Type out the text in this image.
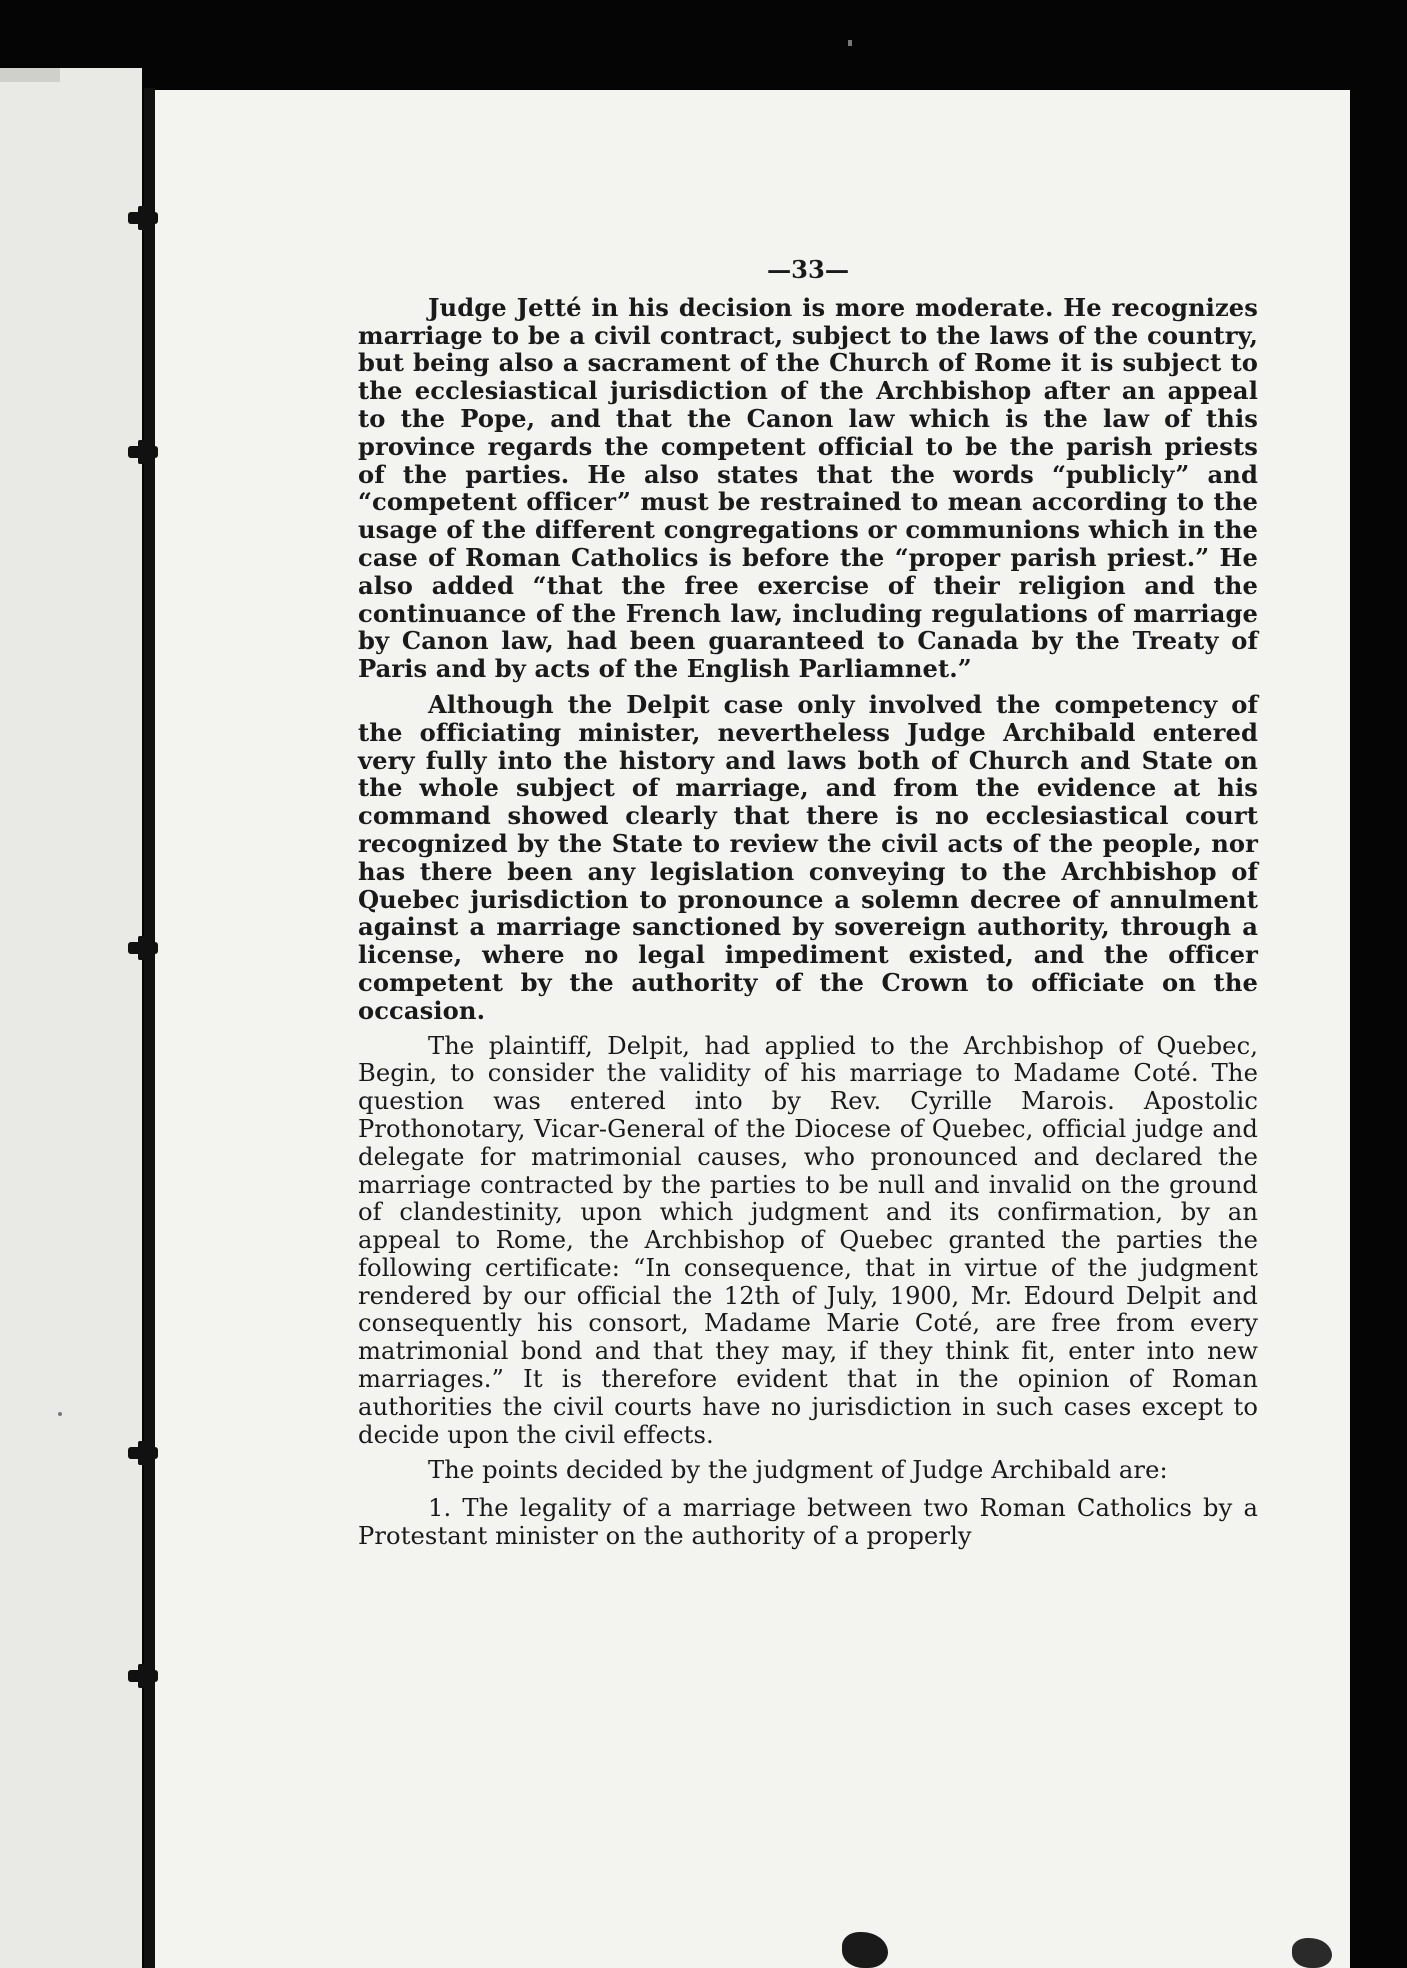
—33—

Judge Jetté in his decision is more moderate. He recognizes marriage to be a civil contract, subject to the laws of the country, but being also a sacrament of the Church of Rome it is subject to the ecclesiastical jurisdiction of the Archbishop after an appeal to the Pope, and that the Canon law which is the law of this province regards the competent official to be the parish priests of the parties. He also states that the words “publicly” and “competent officer” must be restrained to mean according to the usage of the different congregations or communions which in the case of Roman Catholics is before the “proper parish priest.” He also added “that the free exercise of their religion and the continuance of the French law, including regulations of marriage by Canon law, had been guaranteed to Canada by the Treaty of Paris and by acts of the English Parliamnet.”

Although the Delpit case only involved the competency of the officiating minister, nevertheless Judge Archibald entered very fully into the history and laws both of Church and State on the whole subject of marriage, and from the evidence at his command showed clearly that there is no ecclesiastical court recognized by the State to review the civil acts of the people, nor has there been any legislation conveying to the Archbishop of Quebec jurisdiction to pronounce a solemn decree of annulment against a marriage sanctioned by sovereign authority, through a license, where no legal impediment existed, and the officer competent by the authority of the Crown to officiate on the occasion.

The plaintiff, Delpit, had applied to the Archbishop of Quebec, Begin, to consider the validity of his marriage to Madame Coté. The question was entered into by Rev. Cyrille Marois. Apostolic Prothonotary, Vicar-General of the Diocese of Quebec, official judge and delegate for matrimonial causes, who pronounced and declared the marriage contracted by the parties to be null and invalid on the ground of clandestinity, upon which judgment and its confirmation, by an appeal to Rome, the Archbishop of Quebec granted the parties the following certificate: “In consequence, that in virtue of the judgment rendered by our official the 12th of July, 1900, Mr. Edourd Delpit and consequently his consort, Madame Marie Coté, are free from every matrimonial bond and that they may, if they think fit, enter into new marriages.” It is therefore evident that in the opinion of Roman authorities the civil courts have no jurisdiction in such cases except to decide upon the civil effects.

The points decided by the judgment of Judge Archibald are:

1. The legality of a marriage between two Roman Catholics by a Protestant minister on the authority of a properly
